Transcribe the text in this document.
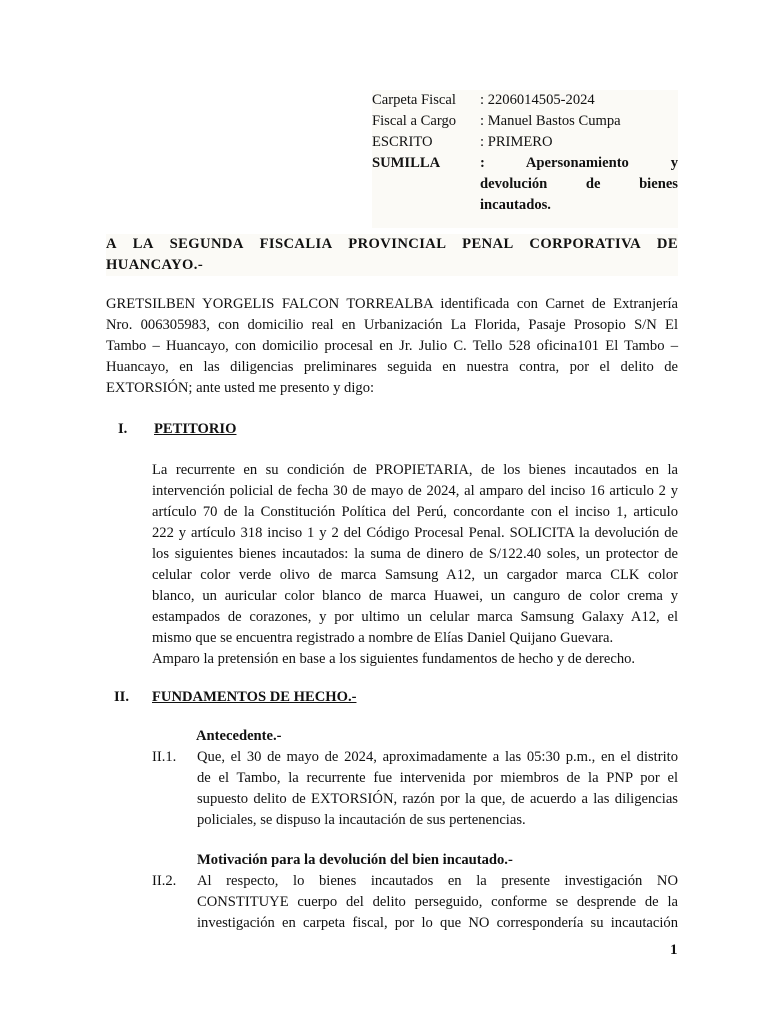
Carpeta Fiscal : 2206014505-2024
Fiscal a Cargo : Manuel Bastos Cumpa
ESCRITO	: PRIMERO
SUMILLA	: Apersonamiento y
devolución de bienes
incautados.
A LA SEGUNDA FISCALIA PROVINCIAL PENAL CORPORATIVA DE
HUANCAYO.-
GRETSILBEN YORGELIS FALCON TORREALBA identificada con Carnet de Extranjería
Nro. 006305983, con domicilio real en Urbanización La Florida, Pasaje Prosopio S/N El
Tambo – Huancayo, con domicilio procesal en Jr. Julio C. Tello 528 oficina101 El Tambo –
Huancayo, en las diligencias preliminares seguida en nuestra contra, por el delito de
EXTORSIÓN; ante usted me presento y digo:
I. PETITORIO
La recurrente en su condición de PROPIETARIA, de los bienes incautados en la
intervención policial de fecha 30 de mayo de 2024, al amparo del inciso 16 articulo 2 y
artículo 70 de la Constitución Política del Perú, concordante con el inciso 1, articulo
222 y artículo 318 inciso 1 y 2 del Código Procesal Penal. SOLICITA la devolución de
los siguientes bienes incautados: la suma de dinero de S/122.40 soles, un protector de
celular color verde olivo de marca Samsung A12, un cargador marca CLK color
blanco, un auricular color blanco de marca Huawei, un canguro de color crema y
estampados de corazones, y por ultimo un celular marca Samsung Galaxy A12, el
mismo que se encuentra registrado a nombre de Elías Daniel Quijano Guevara.
Amparo la pretensión en base a los siguientes fundamentos de hecho y de derecho.
II. FUNDAMENTOS DE HECHO.-
Antecedente.-
II.1. Que, el 30 de mayo de 2024, aproximadamente a las 05:30 p.m., en el distrito
de el Tambo, la recurrente fue intervenida por miembros de la PNP por el
supuesto delito de EXTORSIÓN, razón por la que, de acuerdo a las diligencias
policiales, se dispuso la incautación de sus pertenencias.
Motivación para la devolución del bien incautado.-
II.2. Al respecto, lo bienes incautados en la presente investigación NO
CONSTITUYE cuerpo del delito perseguido, conforme se desprende de la
investigación en carpeta fiscal, por lo que NO correspondería su incautación
1
